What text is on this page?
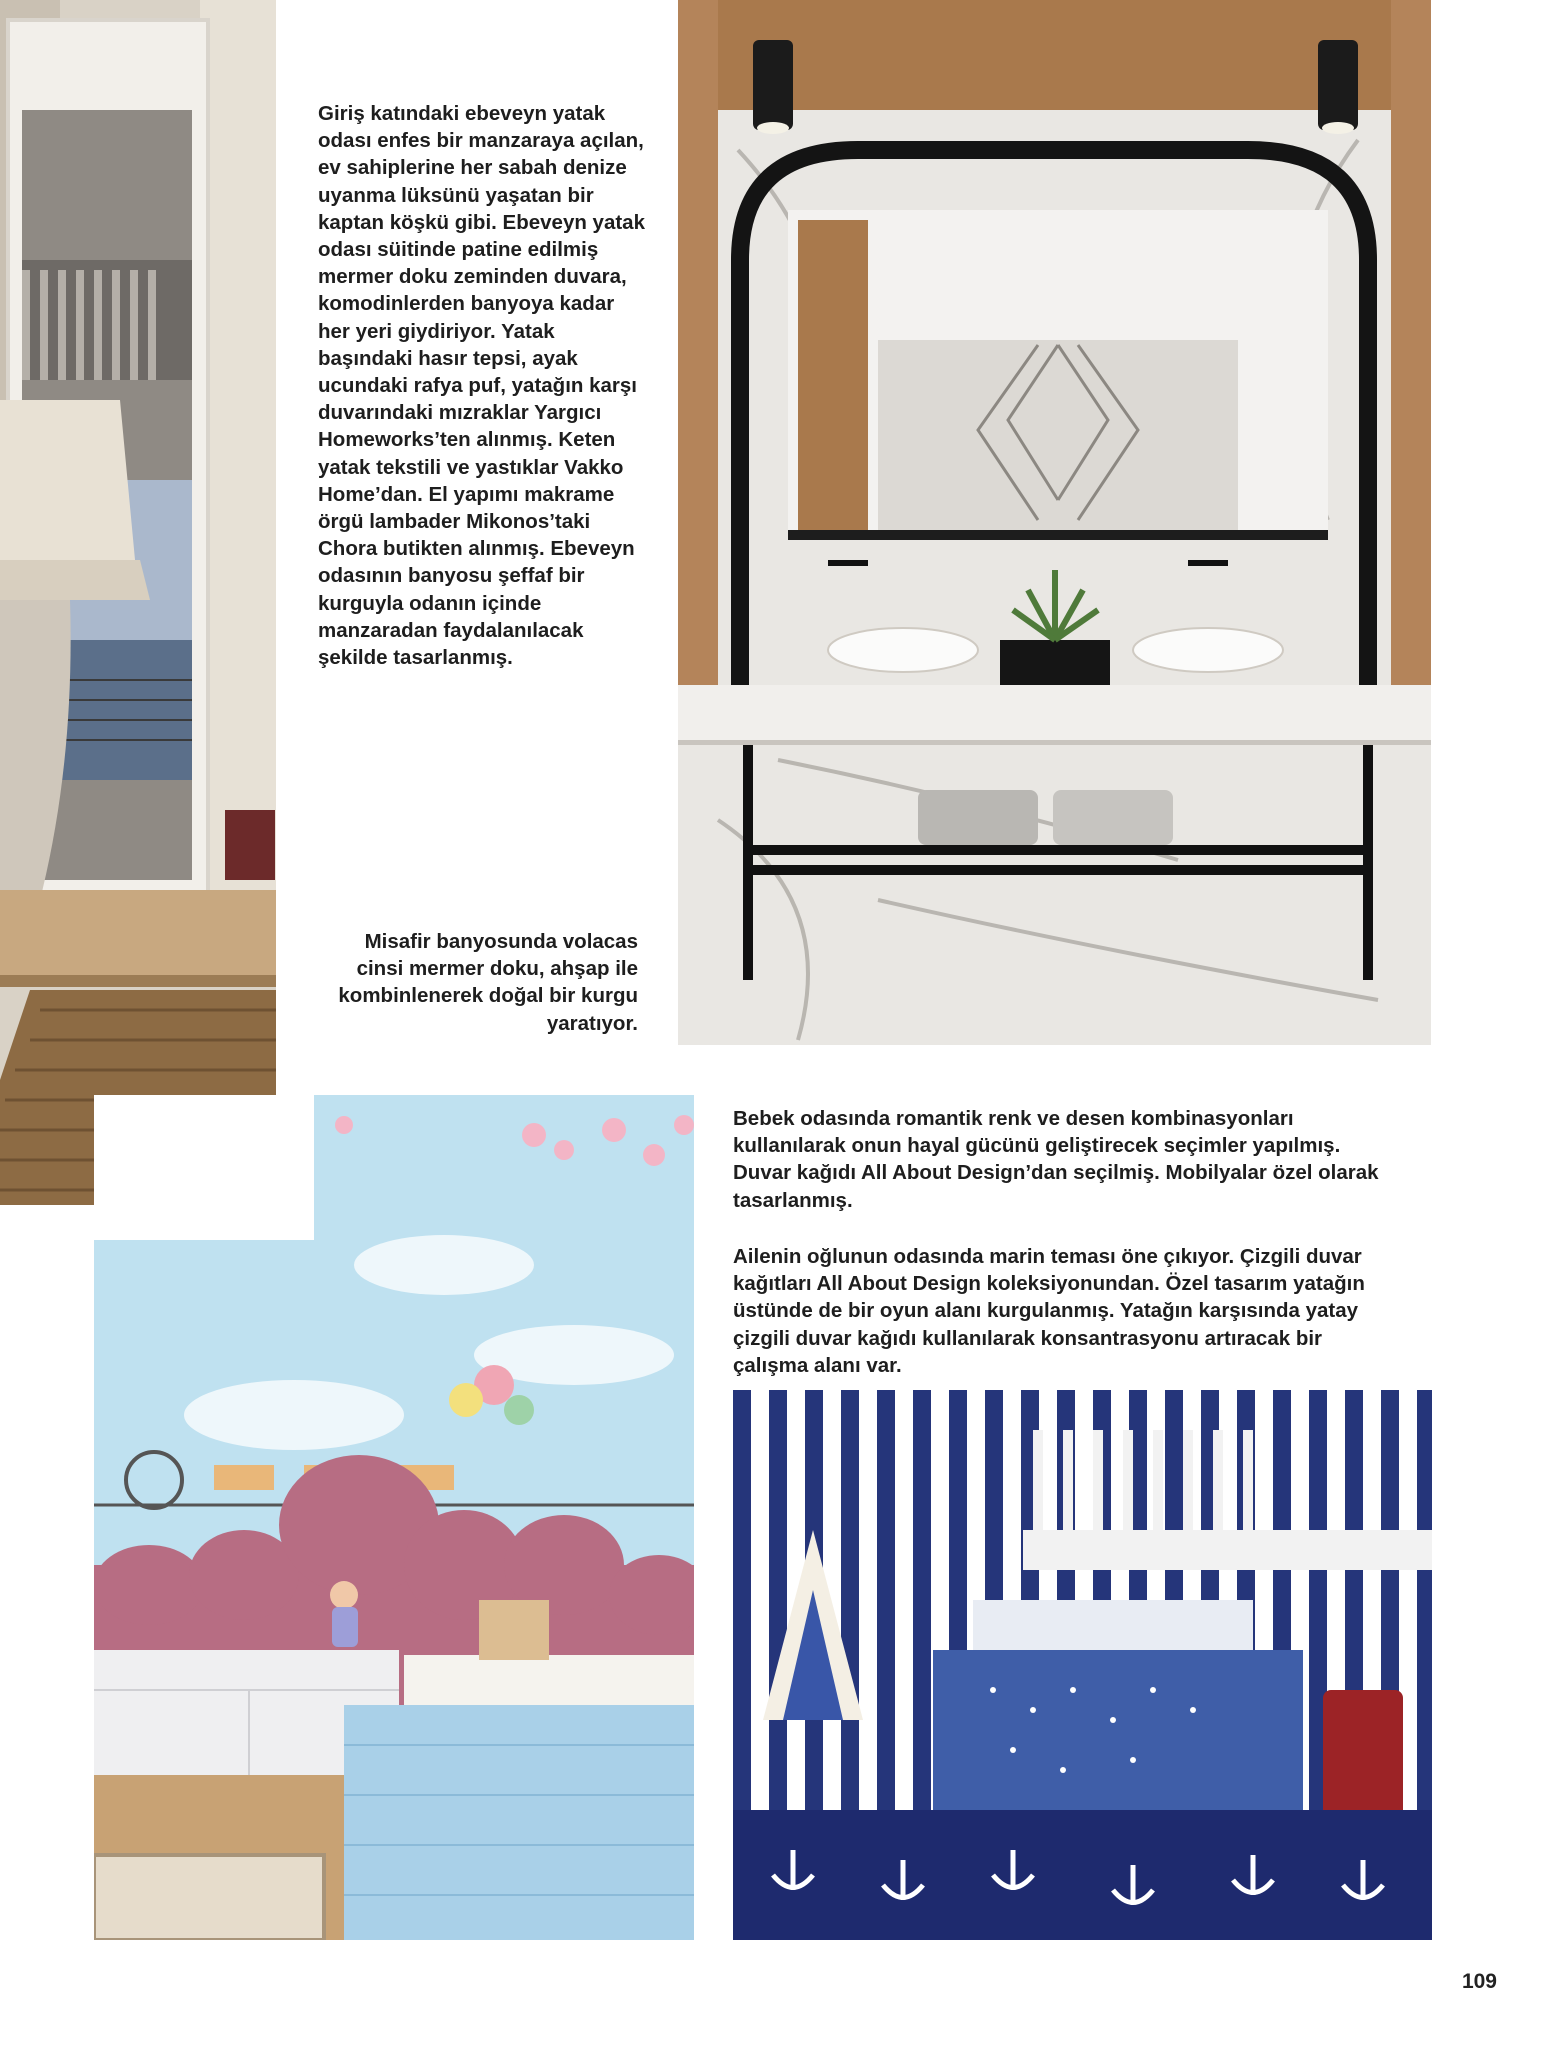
Giriş katındaki ebeveyn yatak odası enfes bir manzaraya açılan, ev sahiplerine her sabah denize uyanma lüksünü yaşatan bir kaptan köşkü gibi. Ebeveyn yatak odası süitinde patine edilmiş mermer doku zeminden duvara, komodinlerden banyoya kadar her yeri giydiriyor. Yatak başındaki hasır tepsi, ayak ucundaki rafya puf, yatağın karşı duvarındaki mızraklar Yargıcı Homeworks’ten alınmış. Keten yatak tekstili ve yastıklar Vakko Home’dan. El yapımı makrame örgü lambader Mikonos’taki Chora butikten alınmış. Ebeveyn odasının banyosu şeffaf bir kurguyla odanın içinde manzaradan faydalanılacak şekilde tasarlanmış.

Misafir banyosunda volacas cinsi mermer doku, ahşap ile kombinlenerek doğal bir kurgu yaratıyor.

Bebek odasında romantik renk ve desen kombinasyonları kullanılarak onun hayal gücünü geliştirecek seçimler yapılmış. Duvar kağıdı All About Design’dan seçilmiş. Mobilyalar özel olarak tasarlanmış.

Ailenin oğlunun odasında marin teması öne çıkıyor. Çizgili duvar kağıtları All About Design koleksiyonundan. Özel tasarım yatağın üstünde de bir oyun alanı kurgulanmış. Yatağın karşısında yatay çizgili duvar kağıdı kullanılarak konsantrasyonu artıracak bir çalışma alanı var.

109
